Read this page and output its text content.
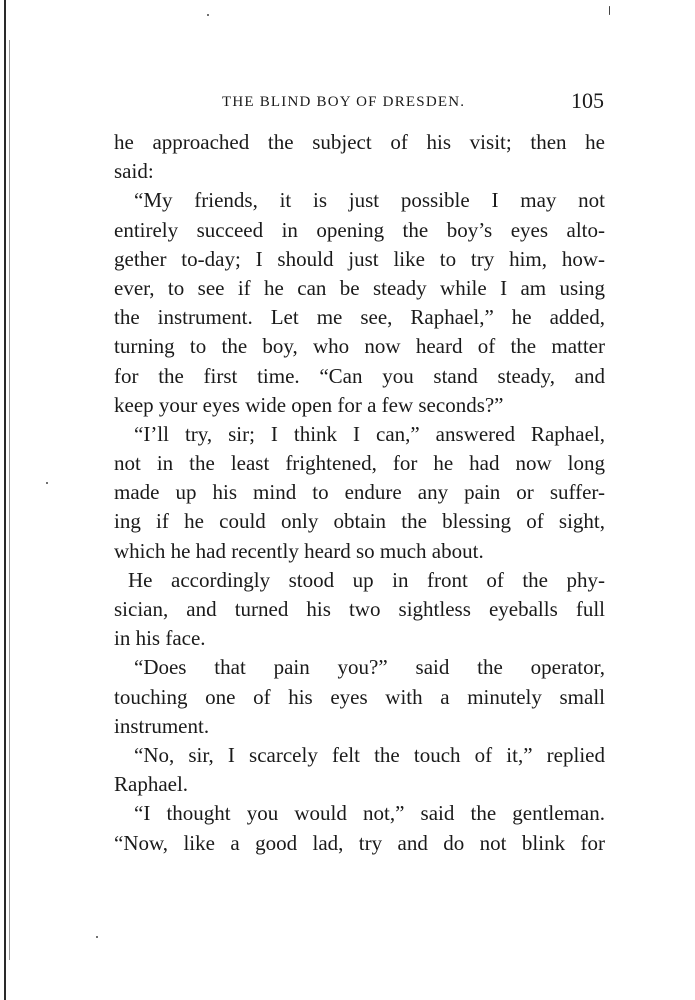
THE BLIND BOY OF DRESDEN.	105
he approached the subject of his visit; then he
said:
“My friends, it is just possible I may not
entirely succeed in opening the boy’s eyes alto-
gether to-day; I should just like to try him, how-
ever, to see if he can be steady while I am using
the instrument. Let me see, Raphael,” he added,
turning to the boy, who now heard of the matter
for the first time. “Can you stand steady, and
keep your eyes wide open for a few seconds?”
“I’ll try, sir; I think I can,” answered Raphael,
not in the least frightened, for he had now long
made up his mind to endure any pain or suffer-
ing if he could only obtain the blessing of sight,
which he had recently heard so much about.
He accordingly stood up in front of the phy-
sician, and turned his two sightless eyeballs full
in his face.
“Does that pain you?” said the operator,
touching one of his eyes with a minutely small
instrument.
“No, sir, I scarcely felt the touch of it,” replied
Raphael.
“I thought you would not,” said the gentleman.
“Now, like a good lad, try and do not blink for
